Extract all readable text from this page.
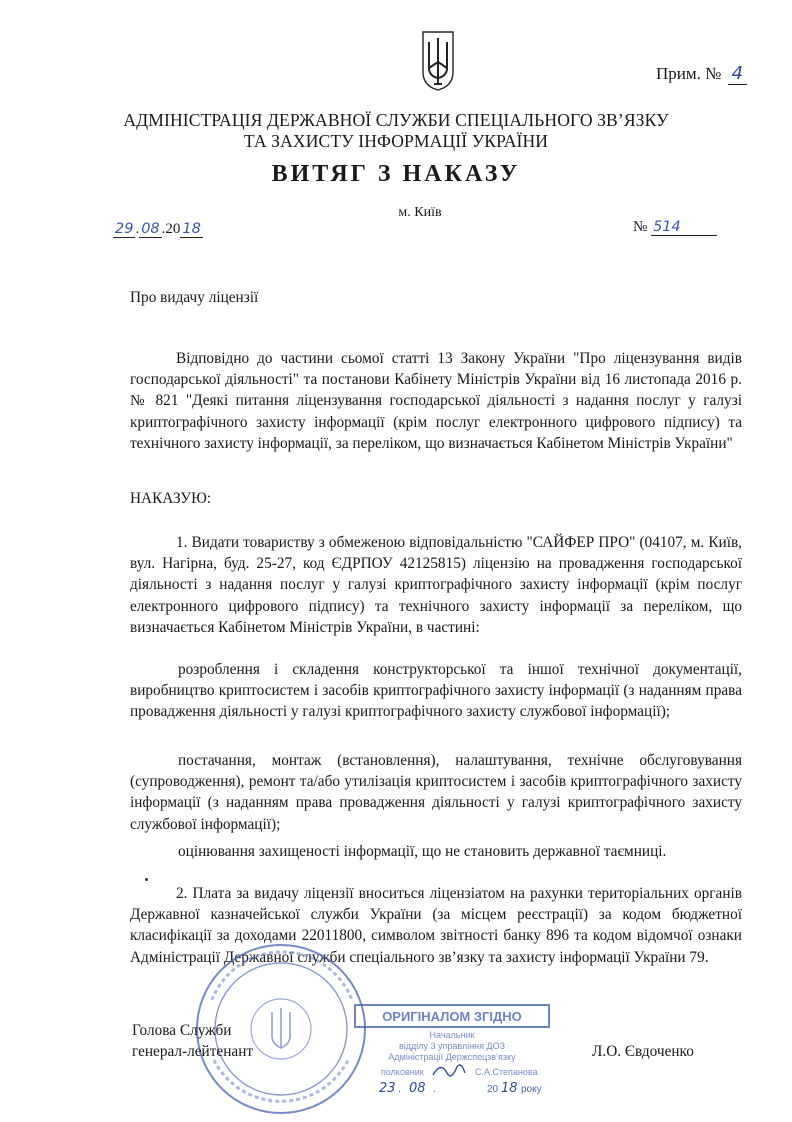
Прим. № 4
АДМІНІСТРАЦІЯ ДЕРЖАВНОЇ СЛУЖБИ СПЕЦІАЛЬНОГО ЗВ’ЯЗКУ
ТА ЗАХИСТУ ІНФОРМАЦІЇ УКРАЇНИ
ВИТЯГ З НАКАЗУ
м. Київ
29 . 08 .20 18	№ 514
Про видачу ліцензії

Відповідно до частини сьомої статті 13 Закону України "Про ліцензування видів господарської діяльності" та постанови Кабінету Міністрів України від 16 листопада 2016 р. № 821 "Деякі питання ліцензування господарської діяльності з надання послуг у галузі криптографічного захисту інформації (крім послуг електронного цифрового підпису) та технічного захисту інформації, за переліком, що визначається Кабінетом Міністрів України"

НАКАЗУЮ:

1. Видати товариству з обмеженою відповідальністю "САЙФЕР ПРО" (04107, м. Київ, вул. Нагірна, буд. 25-27, код ЄДРПОУ 42125815) ліцензію на провадження господарської діяльності з надання послуг у галузі криптографічного захисту інформації (крім послуг електронного цифрового підпису) та технічного захисту інформації за переліком, що визначається Кабінетом Міністрів України, в частині:

розроблення і складення конструкторської та іншої технічної документації, виробництво криптосистем і засобів криптографічного захисту інформації (з наданням права провадження діяльності у галузі криптографічного захисту службової інформації);

постачання, монтаж (встановлення), налаштування, технічне обслуговування (супроводження), ремонт та/або утилізація криптосистем і засобів криптографічного захисту інформації (з наданням права провадження діяльності у галузі криптографічного захисту службової інформації);

оцінювання захищеності інформації, що не становить державної таємниці.

2. Плата за видачу ліцензії вноситься ліцензіатом на рахунки територіальних органів Державної казначейської служби України (за місцем реєстрації) за кодом бюджетної класифікації за доходами 22011800, символом звітності банку 896 та кодом відомчої ознаки Адміністрації Державної служби спеціального зв’язку та захисту інформації України 79.

ОРИГІНАЛОМ ЗГІДНО
Начальник
відділу 3 управління ДОЗ
Адміністрації Держспецзв’язку
полковник	С.А.Степанова
23 . 08 .	20 18 року
Голова Служби
генерал-лейтенант	Л.О. Євдоченко
